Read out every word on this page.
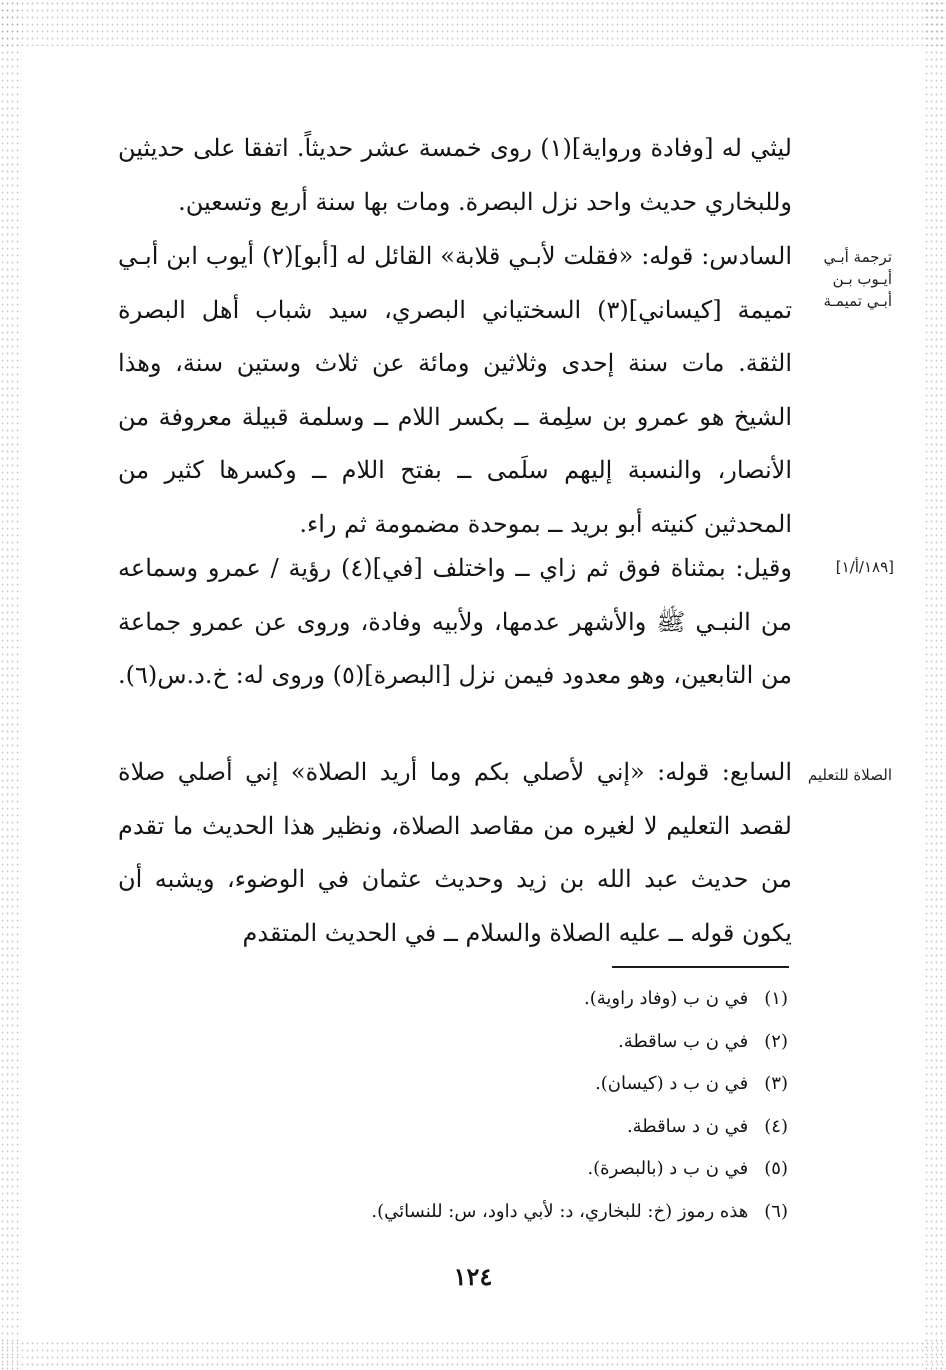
ليثي له [وفادة ورواية](١) روى خمسة عشر حديثاً. اتفقا على حديثين وللبخاري حديث واحد نزل البصرة. ومات بها سنة أربع وتسعين.

السادس: قوله: «فقلت لأبـي قلابة» القائل له [أبو](٢) أيوب ابن أبـي تميمة [كيساني](٣) السختياني البصري، سيد شباب أهل البصرة الثقة. مات سنة إحدى وثلاثين ومائة عن ثلاث وستين سنة، وهذا الشيخ هو عمرو بن سلِمة ــ بكسر اللام ــ وسلمة قبيلة معروفة من الأنصار، والنسبة إليهم سلَمى ــ بفتح اللام ــ وكسرها كثير من المحدثين كنيته أبو بريد ــ بموحدة مضمومة ثم راء.

وقيل: بمثناة فوق ثم زاي ــ واختلف [في](٤) رؤية / عمرو وسماعه من النبـي ﷺ والأشهر عدمها، ولأبيه وفادة، وروى عن عمرو جماعة من التابعين، وهو معدود فيمن نزل [البصرة](٥) وروى له: خ.د.س(٦).

السابع: قوله: «إني لأصلي بكم وما أريد الصلاة» إني أصلي صلاة لقصد التعليم لا لغيره من مقاصد الصلاة، ونظير هذا الحديث ما تقدم من حديث عبد الله بن زيد وحديث عثمان في الوضوء، ويشبه أن يكون قوله ــ عليه الصلاة والسلام ــ في الحديث المتقدم

ترجمة أبـي أيـوب بـن أبـي تميمـة
[١٨٩/أ/١]
الصلاة للتعليم
(١) في ن ب (وفاد راوية).
(٢) في ن ب ساقطة.
(٣) في ن ب د (كيسان).
(٤) في ن د ساقطة.
(٥) في ن ب د (بالبصرة).
(٦) هذه رموز (خ: للبخاري، د: لأبي داود، س: للنسائي).
١٢٤
